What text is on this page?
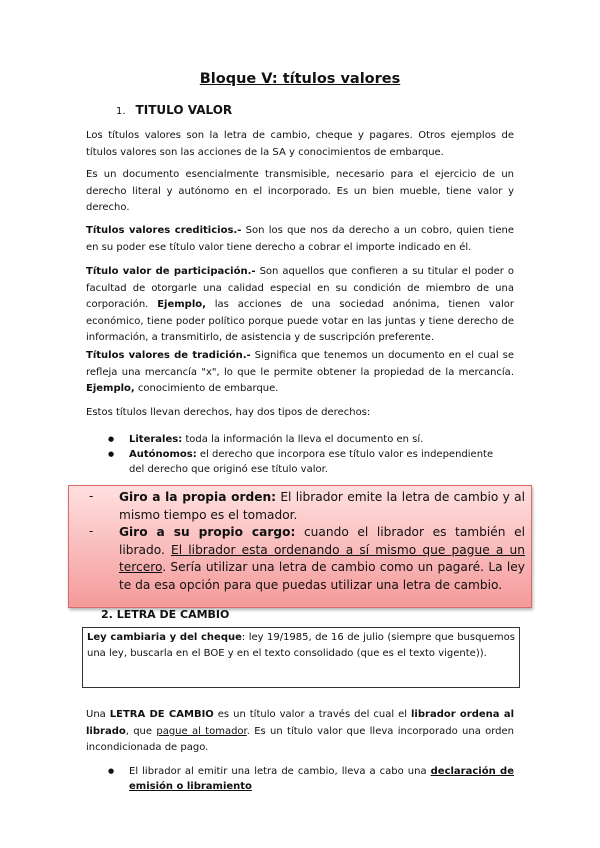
Bloque V: títulos valores
1. TITULO VALOR
Los títulos valores son la letra de cambio, cheque y pagares. Otros ejemplos de títulos valores son las acciones de la SA y conocimientos de embarque.
Es un documento esencialmente transmisible, necesario para el ejercicio de un derecho literal y autónomo en el incorporado. Es un bien mueble, tiene valor y derecho.
Títulos valores crediticios.- Son los que nos da derecho a un cobro, quien tiene en su poder ese título valor tiene derecho a cobrar el importe indicado en él.
Título valor de participación.- Son aquellos que confieren a su titular el poder o facultad de otorgarle una calidad especial en su condición de miembro de una corporación. Ejemplo, las acciones de una sociedad anónima, tienen valor económico, tiene poder político porque puede votar en las juntas y tiene derecho de información, a transmitirlo, de asistencia y de suscripción preferente.
Títulos valores de tradición.- Significa que tenemos un documento en el cual se refleja una mercancía "x", lo que le permite obtener la propiedad de la mercancía. Ejemplo, conocimiento de embarque.
Estos títulos llevan derechos, hay dos tipos de derechos:
● Literales: toda la información la lleva el documento en sí.
● Autónomos: el derecho que incorpora ese título valor es independiente del derecho que originó ese título valor.
- Giro a la propia orden: El librador emite la letra de cambio y al mismo tiempo es el tomador.
- Giro a su propio cargo: cuando el librador es también el librado. El librador esta ordenando a sí mismo que pague a un tercero. Sería utilizar una letra de cambio como un pagaré. La ley te da esa opción para que puedas utilizar una letra de cambio.
2. LETRA DE CAMBIO
Ley cambiaria y del cheque: ley 19/1985, de 16 de julio (siempre que busquemos una ley, buscarla en el BOE y en el texto consolidado (que es el texto vigente)).
Una LETRA DE CAMBIO es un título valor a través del cual el librador ordena al librado, que pague al tomador. Es un título valor que lleva incorporado una orden incondicionada de pago.
● El librador al emitir una letra de cambio, lleva a cabo una declaración de emisión o libramiento
